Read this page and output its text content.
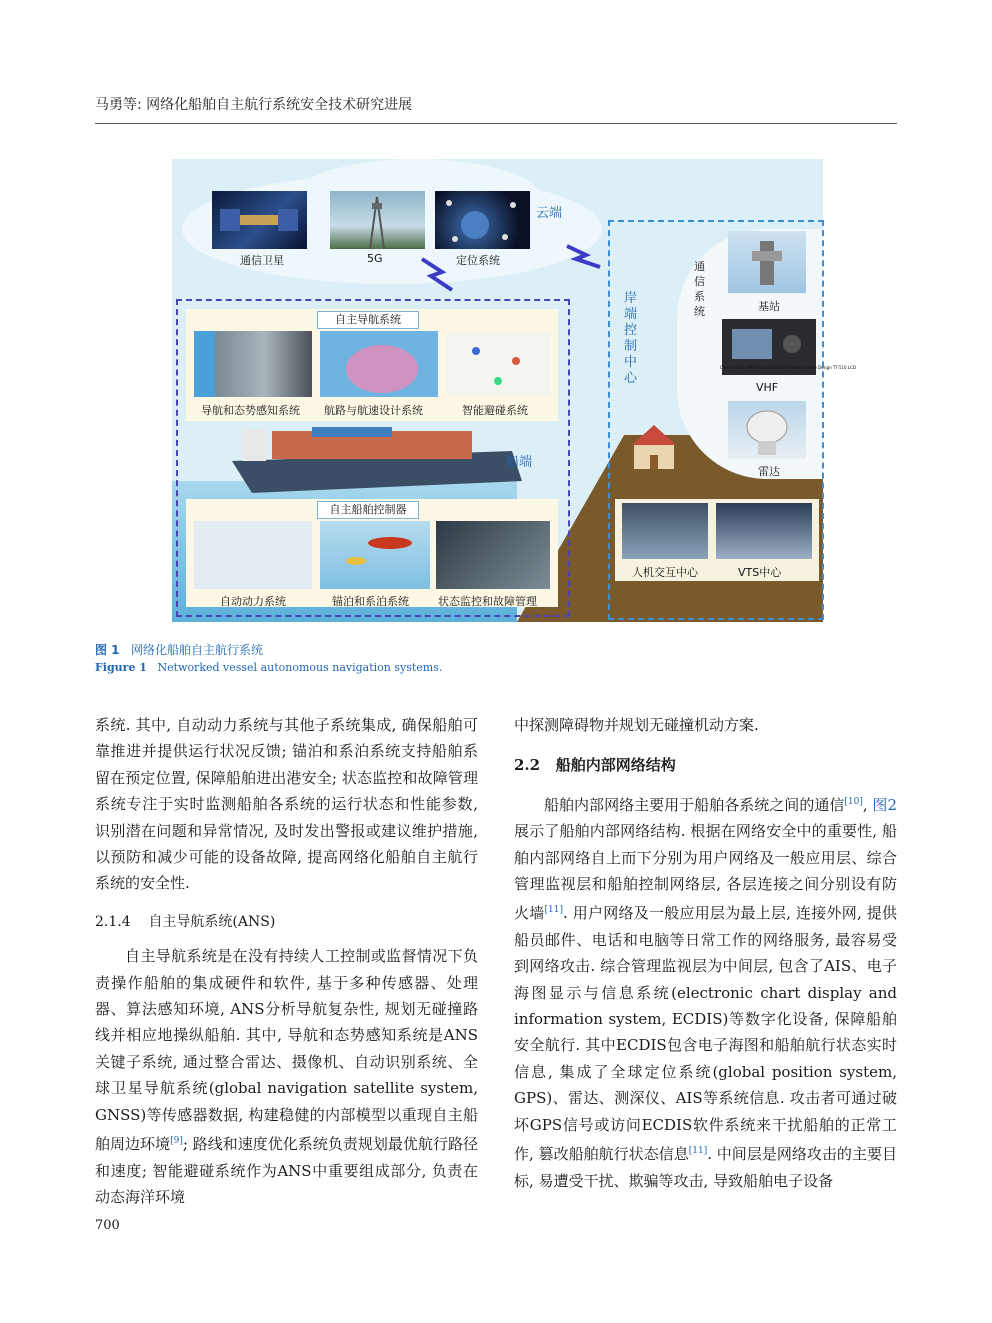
马勇等: 网络化船舶自主航行系统安全技术研究进展
通信卫星	5G	定位系统
云端
岸端控制中心
通信系统	基站
Class A DSC VHF Radio with Wide Viewing Angle Design TT-510 LCD
VHF
雷达
人机交互中心	VTS中心
自主导航系统
导航和态势感知系统 航路与航速设计系统	智能避碰系统
船端
自主船舶控制器
自动动力系统	锚泊和系泊系统	状态监控和故障管理
图 1 网络化船舶自主航行系统
Figure 1 Networked vessel autonomous navigation systems.

系统. 其中, 自动动力系统与其他子系统集成, 确保船舶可靠推进并提供运行状况反馈; 锚泊和系泊系统支持船舶系留在预定位置, 保障船舶进出港安全; 状态监控和故障管理系统专注于实时监测船舶各系统的运行状态和性能参数, 识别潜在问题和异常情况, 及时发出警报或建议维护措施, 以预防和减少可能的设备故障, 提高网络化船舶自主航行系统的安全性.

2.1.4 自主导航系统(ANS)

自主导航系统是在没有持续人工控制或监督情况下负责操作船舶的集成硬件和软件, 基于多种传感器、处理器、算法感知环境, ANS分析导航复杂性, 规划无碰撞路线并相应地操纵船舶. 其中, 导航和态势感知系统是ANS关键子系统, 通过整合雷达、摄像机、自动识别系统、全球卫星导航系统(global navigation satellite system, GNSS)等传感器数据, 构建稳健的内部模型以重现自主船舶周边环境[9]; 路线和速度优化系统负责规划最优航行路径和速度; 智能避碰系统作为ANS中重要组成部分, 负责在动态海洋环境

中探测障碍物并规划无碰撞机动方案.

2.2 船舶内部网络结构

船舶内部网络主要用于船舶各系统之间的通信[10], 图2展示了船舶内部网络结构. 根据在网络安全中的重要性, 船舶内部网络自上而下分别为用户网络及一般应用层、综合管理监视层和船舶控制网络层, 各层连接之间分别设有防火墙[11]. 用户网络及一般应用层为最上层, 连接外网, 提供船员邮件、电话和电脑等日常工作的网络服务, 最容易受到网络攻击. 综合管理监视层为中间层, 包含了AIS、电子海图显示与信息系统(electronic chart display and information system, ECDIS)等数字化设备, 保障船舶安全航行. 其中ECDIS包含电子海图和船舶航行状态实时信息, 集成了全球定位系统(global position system, GPS)、雷达、测深仪、AIS等系统信息. 攻击者可通过破坏GPS信号或访问ECDIS软件系统来干扰船舶的正常工作, 篡改船舶航行状态信息[11]. 中间层是网络攻击的主要目标, 易遭受干扰、欺骗等攻击, 导致船舶电子设备

700
